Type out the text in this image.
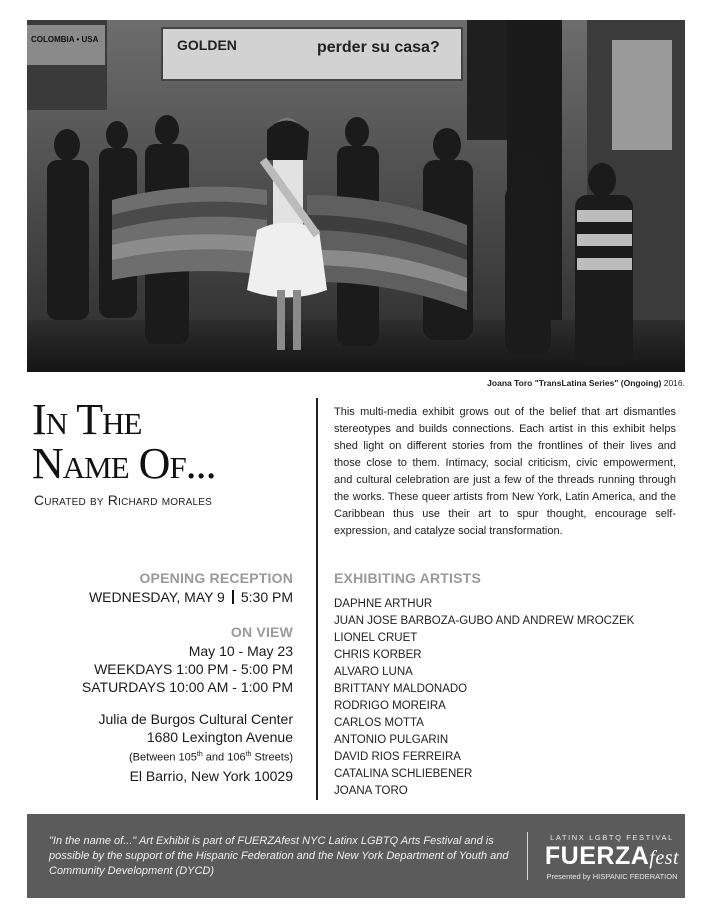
perder su casa?
GOLDEN
COLOMBIA • USA
Joana Toro "TransLatina Series" (Ongoing) 2016.
In The
Name Of...
Curated by Richard morales
This multi-media exhibit grows out of the belief that art dismantles stereotypes and builds connections. Each artist in this exhibit helps shed light on different stories from the frontlines of their lives and those close to them. Intimacy, social criticism, civic empowerment, and cultural celebration are just a few of the threads running through the works. These queer artists from New York, Latin America, and the Caribbean thus use their art to spur thought, encourage self-expression, and catalyze social transformation.
OPENING RECEPTION
WEDNESDAY, MAY 9 5:30 PM
ON VIEW
May 10 - May 23
WEEKDAYS 1:00 PM - 5:00 PM
SATURDAYS 10:00 AM - 1:00 PM
Julia de Burgos Cultural Center
1680 Lexington Avenue
(Between 105th and 106th Streets)
El Barrio, New York 10029
EXHIBITING ARTISTS
DAPHNE ARTHUR
JUAN JOSE BARBOZA-GUBO AND ANDREW MROCZEK
LIONEL CRUET
CHRIS KORBER
ALVARO LUNA
BRITTANY MALDONADO
RODRIGO MOREIRA
CARLOS MOTTA
ANTONIO PULGARIN
DAVID RIOS FERREIRA
CATALINA SCHLIEBENER
JOANA TORO
"In the name of..." Art Exhibit is part of FUERZAfest NYC Latinx LGBTQ Arts Festival and is possible by the support of the Hispanic Federation and the New York Department of Youth and Community Development (DYCD)
LATINX LGBTQ FESTIVAL
FUERZAfest
Presented by HISPANIC FEDERATION
